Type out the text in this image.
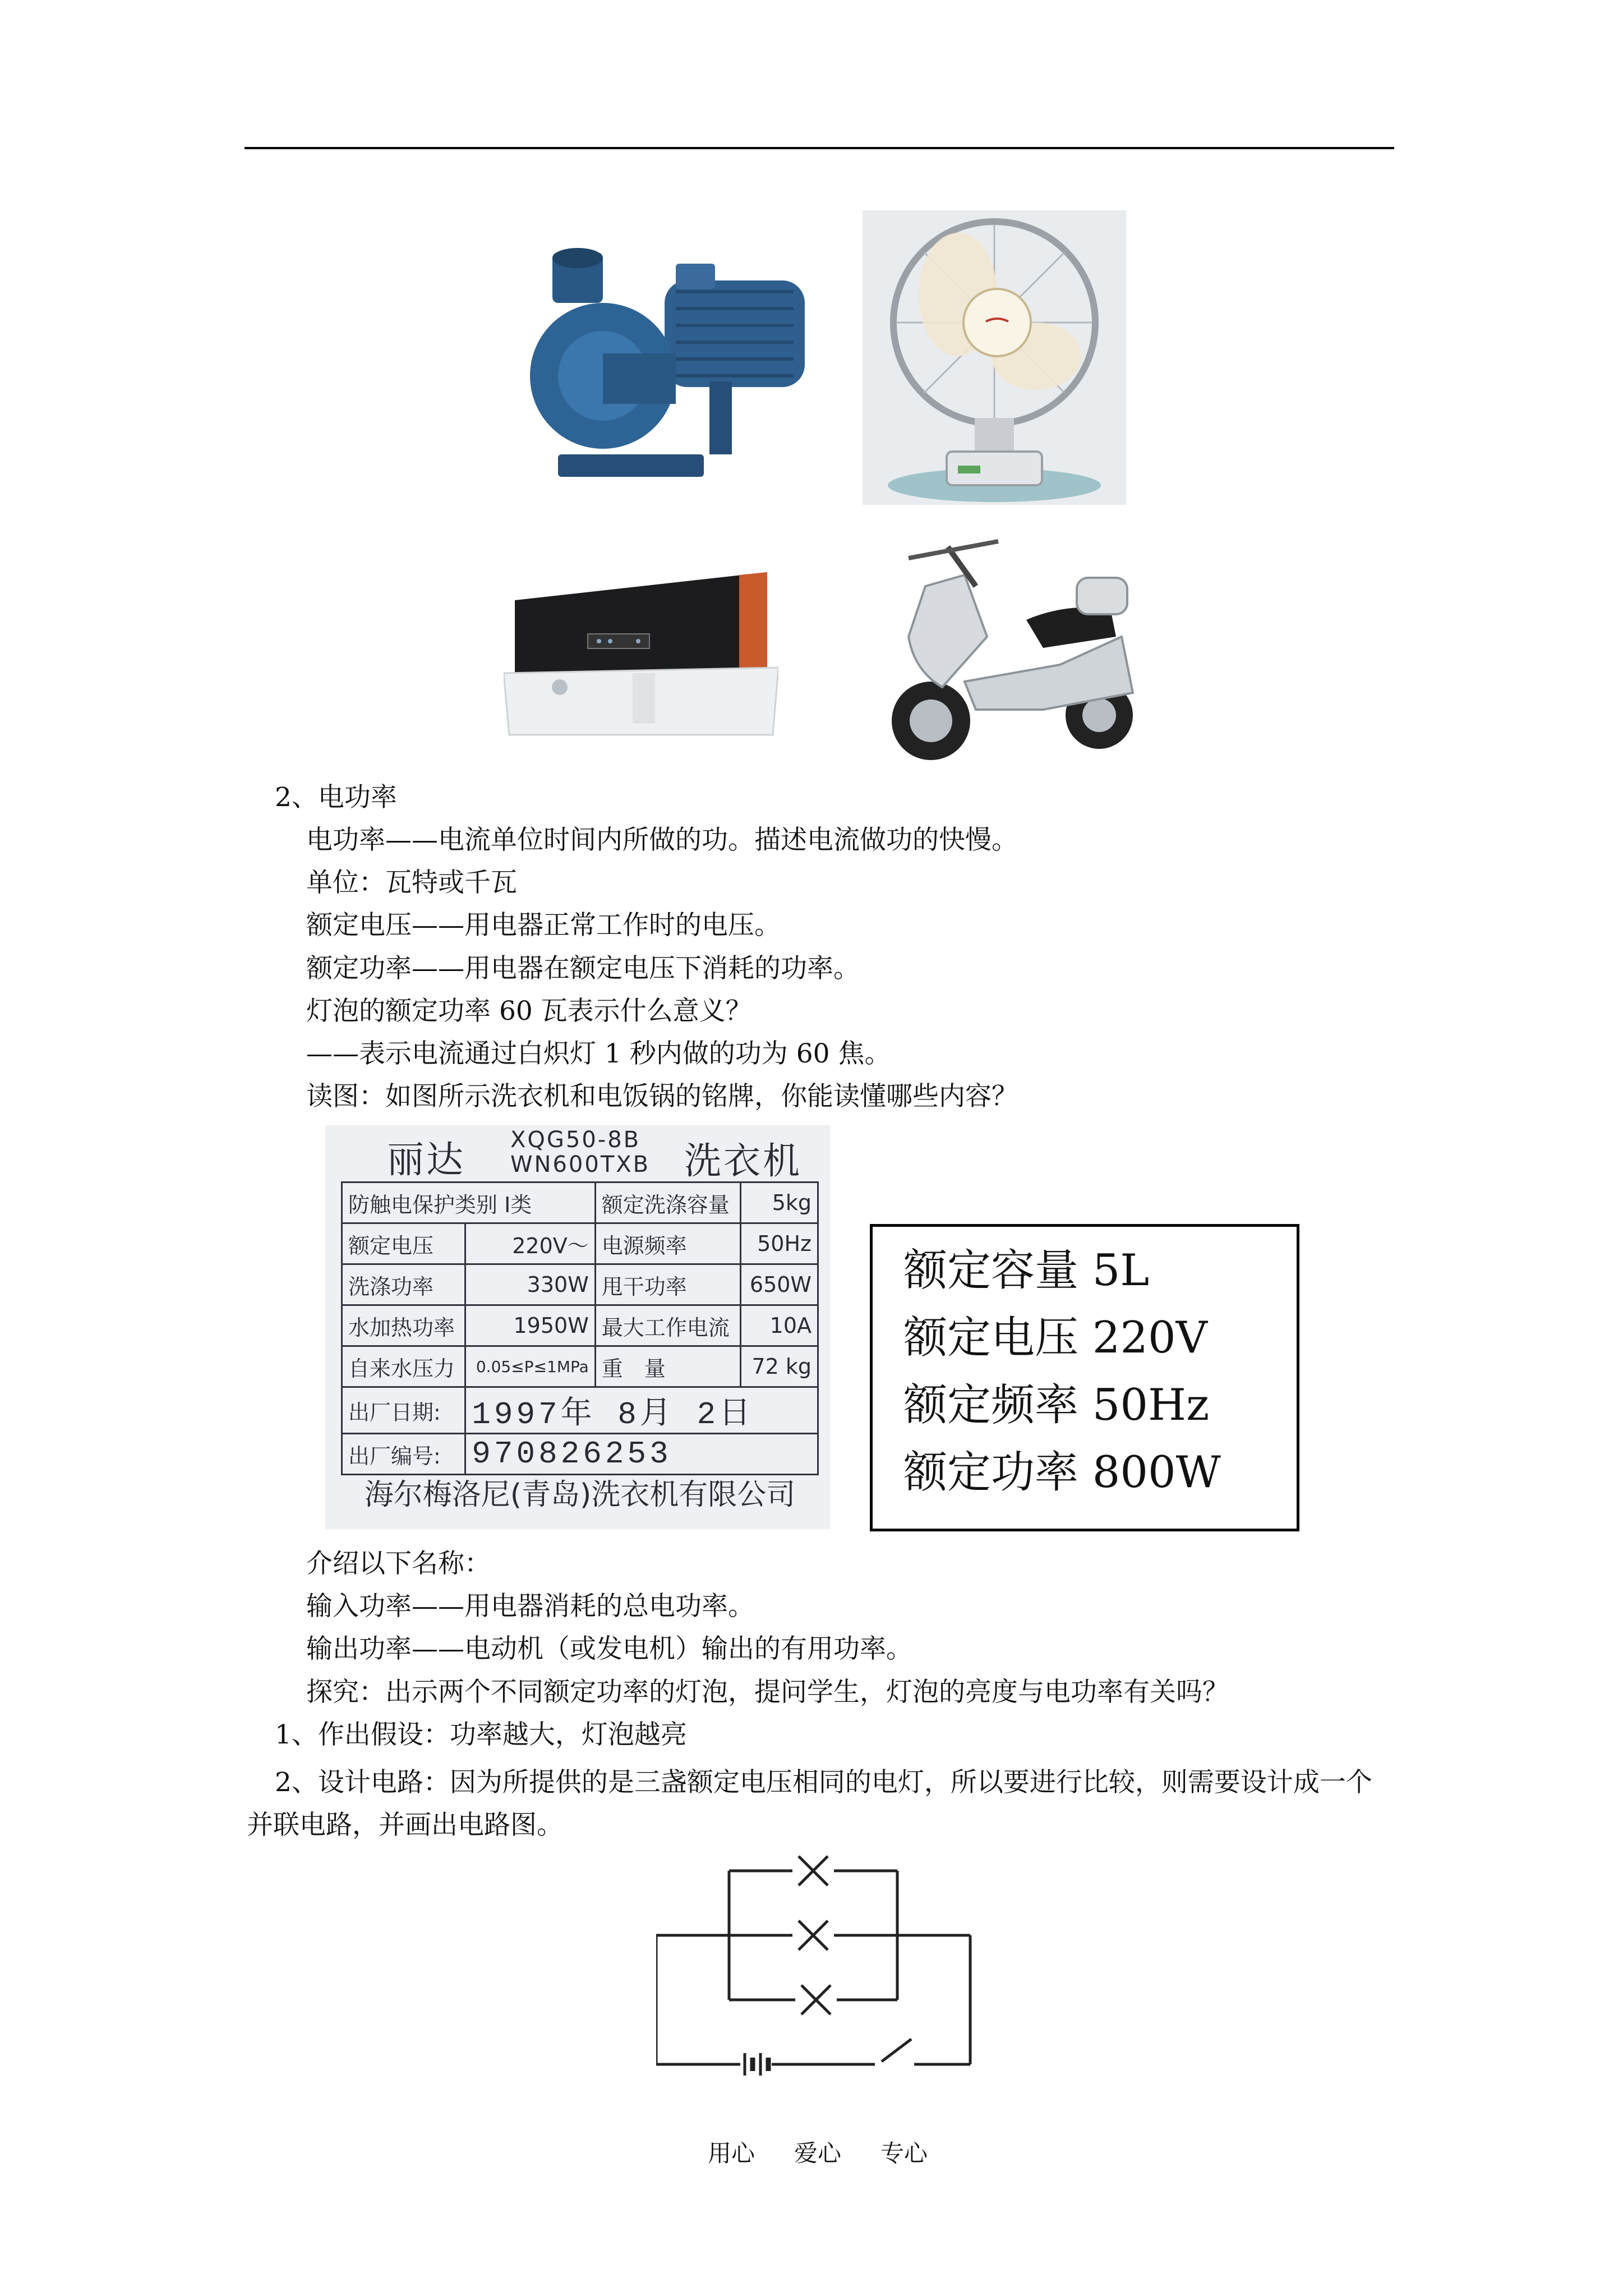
2、电功率
电功率——电流单位时间内所做的功。描述电流做功的快慢。
单位：瓦特或千瓦
额定电压——用电器正常工作时的电压。
额定功率——用电器在额定电压下消耗的功率。
灯泡的额定功率 60 瓦表示什么意义？
——表示电流通过白炽灯 1 秒内做的功为 60 焦。
读图：如图所示洗衣机和电饭锅的铭牌，你能读懂哪些内容？
丽达 XQG50-8B
WN600TXB 洗衣机
防触电保护类别 I类		额定洗涤容量	5kg
额定电压	220V～	电源频率	50Hz
洗涤功率	330W	甩干功率	650W
水加热功率	1950W	最大工作电流	10A
自来水压力	0.05≤P≤1MPa	重　量	72 kg
出厂日期:	1997年 8月 2日		
出厂编号:	970826253		
海尔梅洛尼(青岛)洗衣机有限公司
额定容量 5L
额定电压 220V
额定频率 50Hz
额定功率 800W
介绍以下名称：
输入功率——用电器消耗的总电功率。
输出功率——电动机（或发电机）输出的有用功率。
探究：出示两个不同额定功率的灯泡，提问学生，灯泡的亮度与电功率有关吗？
1、作出假设：功率越大，灯泡越亮
2、设计电路：因为所提供的是三盏额定电压相同的电灯，所以要进行比较，则需要设计成一个并联电路，并画出电路图。
用心 爱心 专心
